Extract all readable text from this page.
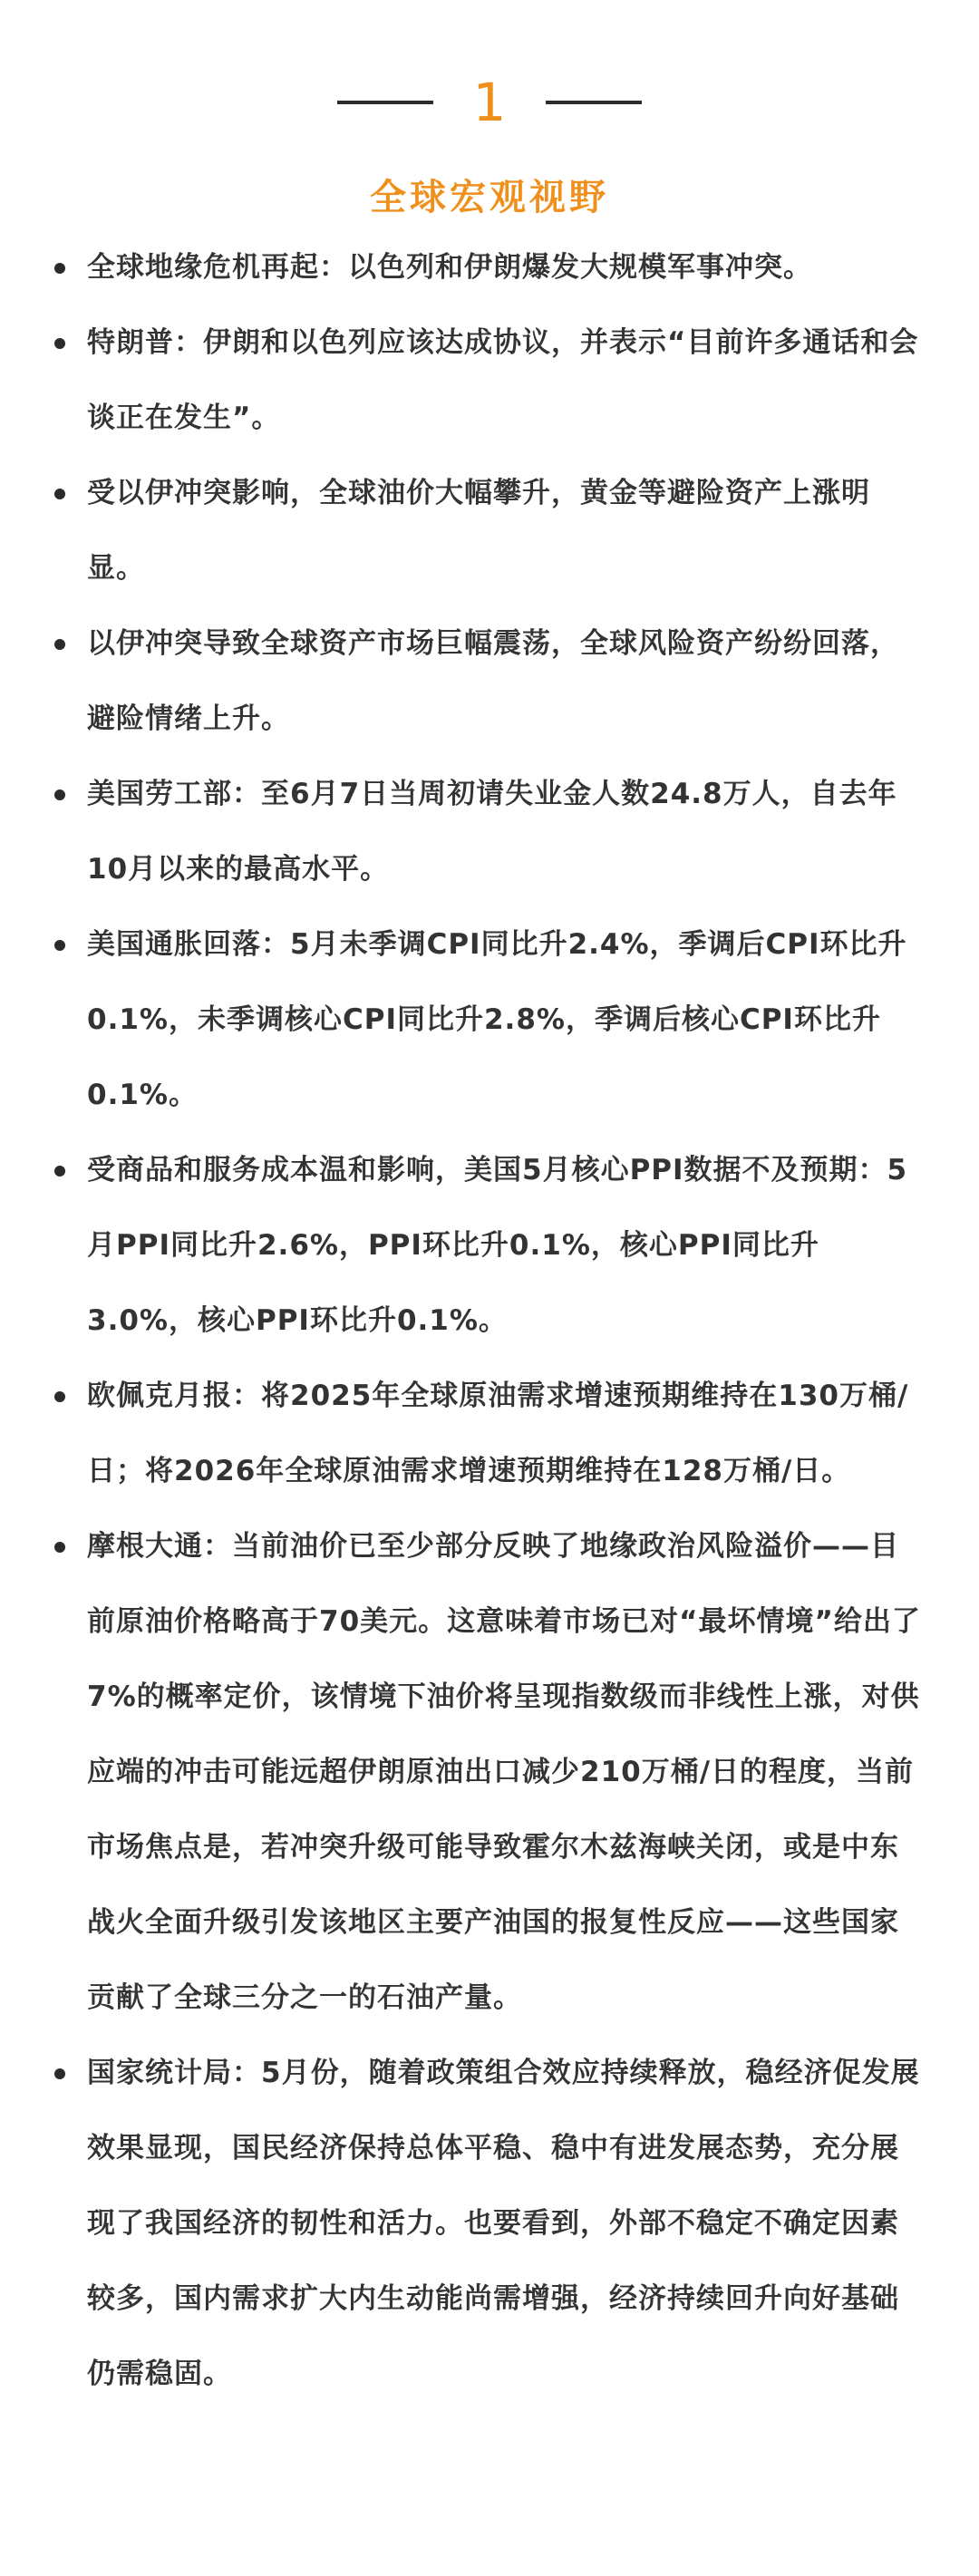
1
全球宏观视野
全球地缘危机再起：以色列和伊朗爆发大规模军事冲突。
特朗普：伊朗和以色列应该达成协议，并表示“目前许多通话和会谈正在发生”。
受以伊冲突影响，全球油价大幅攀升，黄金等避险资产上涨明显。
以伊冲突导致全球资产市场巨幅震荡，全球风险资产纷纷回落，避险情绪上升。
美国劳工部：至6月7日当周初请失业金人数24.8万人，自去年10月以来的最高水平。
美国通胀回落：5月未季调CPI同比升2.4%，季调后CPI环比升0.1%，未季调核心CPI同比升2.8%，季调后核心CPI环比升0.1%。
受商品和服务成本温和影响，美国5月核心PPI数据不及预期：5月PPI同比升2.6%，PPI环比升0.1%，核心PPI同比升3.0%，核心PPI环比升0.1%。
欧佩克月报：将2025年全球原油需求增速预期维持在130万桶/日；将2026年全球原油需求增速预期维持在128万桶/日。
摩根大通：当前油价已至少部分反映了地缘政治风险溢价——目前原油价格略高于70美元。这意味着市场已对“最坏情境”给出了7%的概率定价，该情境下油价将呈现指数级而非线性上涨，对供应端的冲击可能远超伊朗原油出口减少210万桶/日的程度，当前市场焦点是，若冲突升级可能导致霍尔木兹海峡关闭，或是中东战火全面升级引发该地区主要产油国的报复性反应——这些国家贡献了全球三分之一的石油产量。
国家统计局：5月份，随着政策组合效应持续释放，稳经济促发展效果显现，国民经济保持总体平稳、稳中有进发展态势，充分展现了我国经济的韧性和活力。也要看到，外部不稳定不确定因素较多，国内需求扩大内生动能尚需增强，经济持续回升向好基础仍需稳固。
